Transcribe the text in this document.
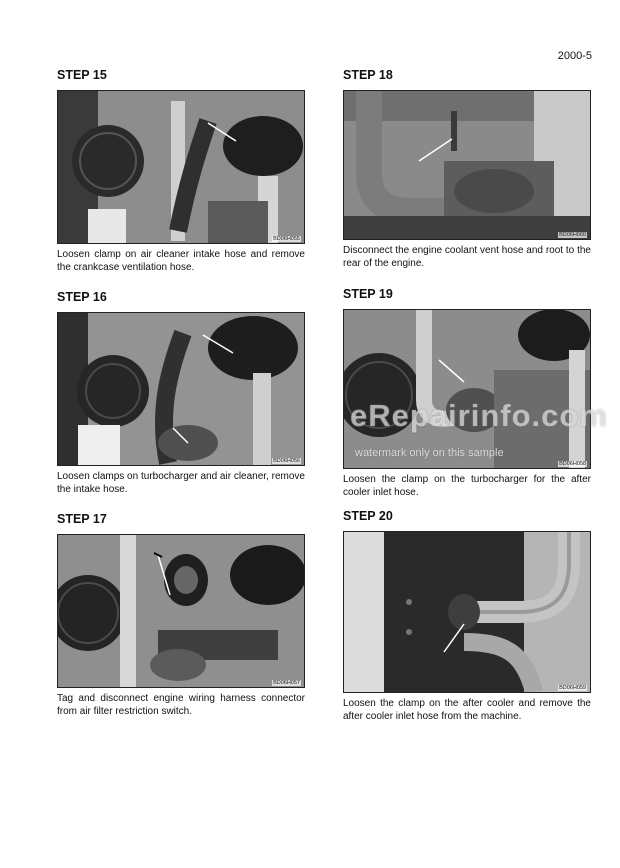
2000-5
STEP 15
BD06H055
Loosen clamp on air cleaner intake hose and remove the crankcase ventilation hose.
STEP 16
BD06H056
Loosen clamps on turbocharger and air cleaner, remove the intake hose.
STEP 17
BD06H057
Tag and disconnect engine wiring harness connector from air filter restriction switch.
STEP 18
BD06H060
Disconnect the engine coolant vent hose and root to the rear of the engine.
STEP 19
BD06H058
Loosen the clamp on the turbocharger for the after cooler inlet hose.
STEP 20
BD06H059
Loosen the clamp on the after cooler and remove the after cooler inlet hose from the machine.
eRepairinfo.com
watermark only on this sample
